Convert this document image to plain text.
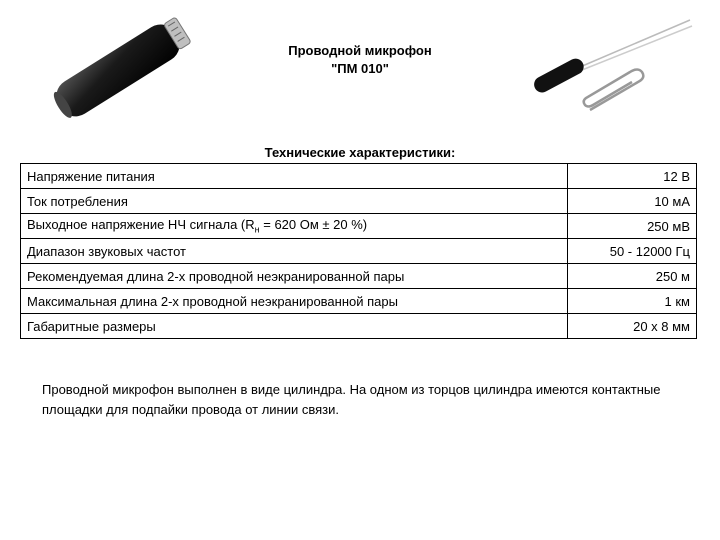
Проводной микрофон
"ПМ 010"
Технические характеристики:
Напряжение питания	12 В
Ток потребления	10 мА
Выходное напряжение НЧ сигнала ($R_н = 620$ Ом ± 20 %)	250 мВ
Диапазон звуковых частот	50 - 12000 Гц
Рекомендуемая длина 2-х проводной неэкранированной пары	250 м
Максимальная длина 2-х проводной неэкранированной пары	1 км
Габаритные размеры	20 х 8 мм
Проводной микрофон выполнен в виде цилиндра. На одном из торцов цилиндра имеются контактные площадки для подпайки провода от линии связи.
